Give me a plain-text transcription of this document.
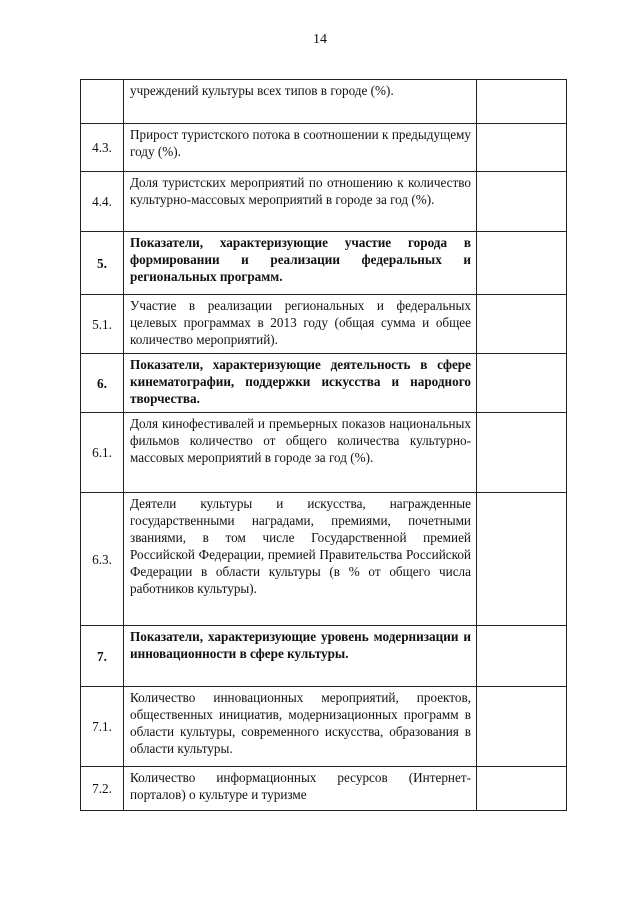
14
	учреждений культуры всех типов в городе (%).	
4.3.	Прирост туристского потока в соотношении к предыдущему году (%).	
4.4.	Доля туристских мероприятий по отношению к количество культурно-массовых мероприятий в городе за год (%).	
5.	Показатели, характеризующие участие города в формировании и реализации федеральных и региональных программ.	
5.1.	Участие в реализации региональных и федеральных целевых программах в 2013 году (общая сумма и общее количество мероприятий).	
6.	Показатели, характеризующие деятельность в сфере кинематографии, поддержки искусства и народного творчества.	
6.1.	Доля кинофестивалей и премьерных показов национальных фильмов количество от общего количества культурно-массовых мероприятий в городе за год (%).	
6.3.	Деятели культуры и искусства, награжденные государственными наградами, премиями, почетными званиями, в том числе Государственной премией Российской Федерации, премией Правительства Российской Федерации в области культуры (в % от общего числа работников культуры).	
7.	Показатели, характеризующие уровень модернизации и инновационности в сфере культуры.	
7.1.	Количество инновационных мероприятий, проектов, общественных инициатив, модернизационных программ в области культуры, современного искусства, образования в области культуры.	
7.2.	Количество информационных ресурсов (Интернет-порталов) о культуре и туризме	
